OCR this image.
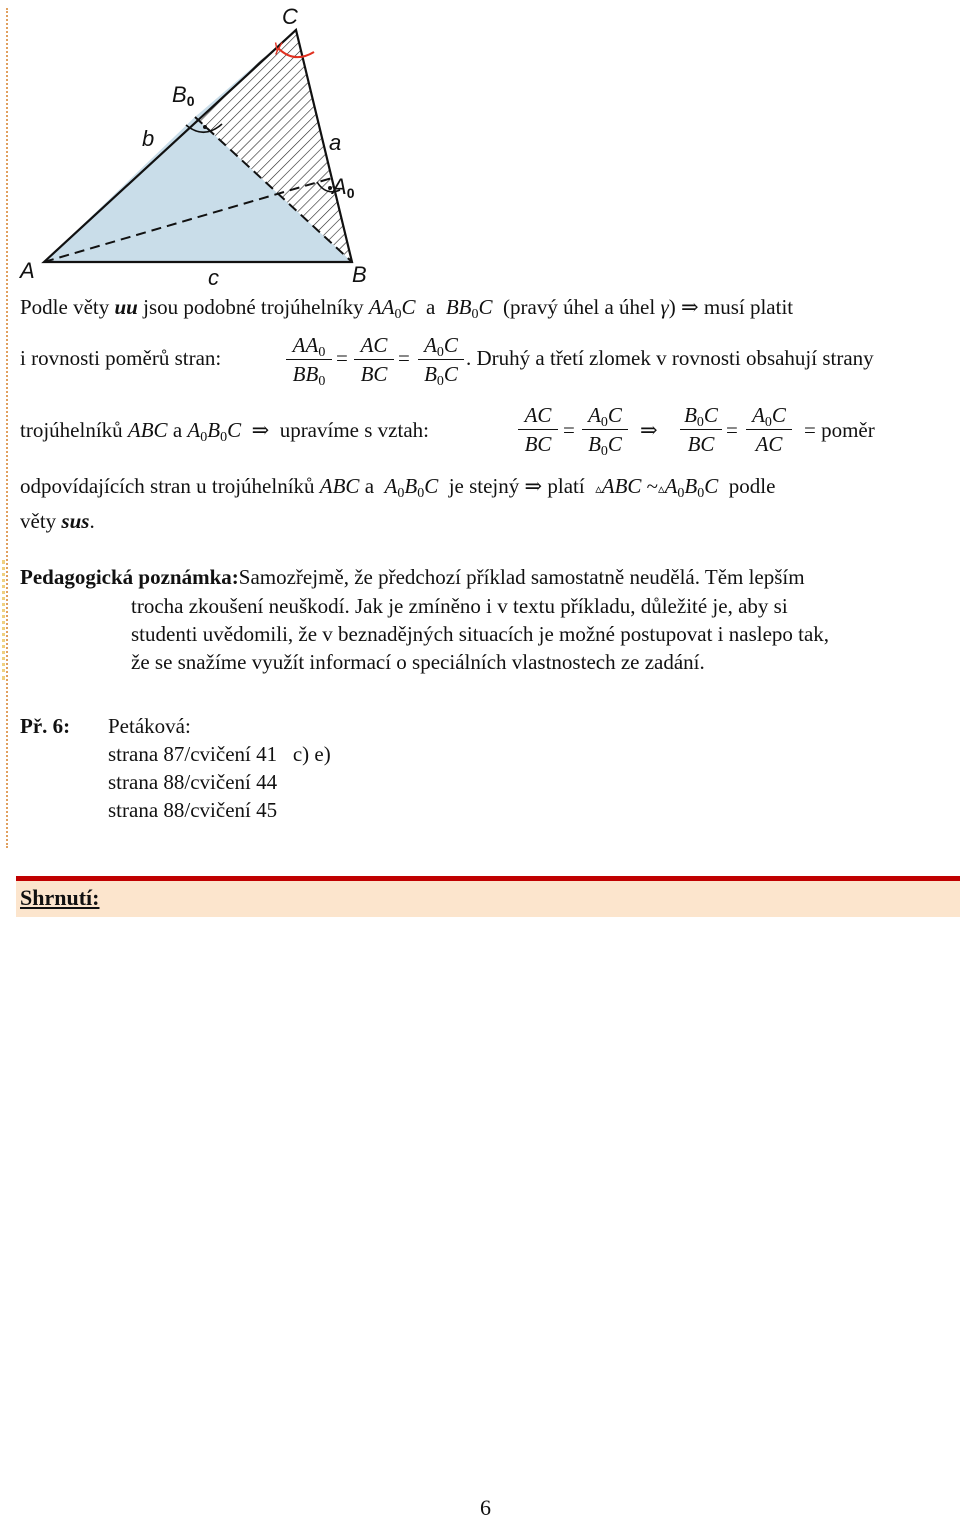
C
γ
$B_0$
b	a
$A_0$
A	c	B
Podle věty uu jsou podobné trojúhelníky $AA_0C$ a $BB_0C$ (pravý úhel a úhel γ) ⇒ musí platit
i rovnosti poměrů stran:	$\frac{AA_0}{BB_0} = \frac{AC}{BC} = \frac{A_0C}{B_0C}$ . Druhý a třetí zlomek v rovnosti obsahují strany
trojúhelníků ABC a $A_0B_0C$ ⇒ upravíme s vztah:	$\frac{AC}{BC} = \frac{A_0C}{B_0C}$ ⇒ $\frac{B_0C}{BC} = \frac{A_0C}{AC}$ = poměr
odpovídajících stran u trojúhelníků ABC a  $A_0B_0C$ je stejný ⇒ platí ▵ABC $\sim▵A_0B_0C$ podle
věty sus.
Pedagogická poznámka:Samozřejmě, že předchozí příklad samostatně neudělá. Těm lepším
trocha zkoušení neuškodí. Jak je zmíněno i v textu příkladu, důležité je, aby si
studenti uvědomili, že v beznadějných situacích je možné postupovat i naslepo tak,
že se snažíme využít informací o speciálních vlastnostech ze zadání.
Př. 6: Petáková:
strana 87/cvičení 41 c) e)
strana 88/cvičení 44
strana 88/cvičení 45
Shrnutí:
6
